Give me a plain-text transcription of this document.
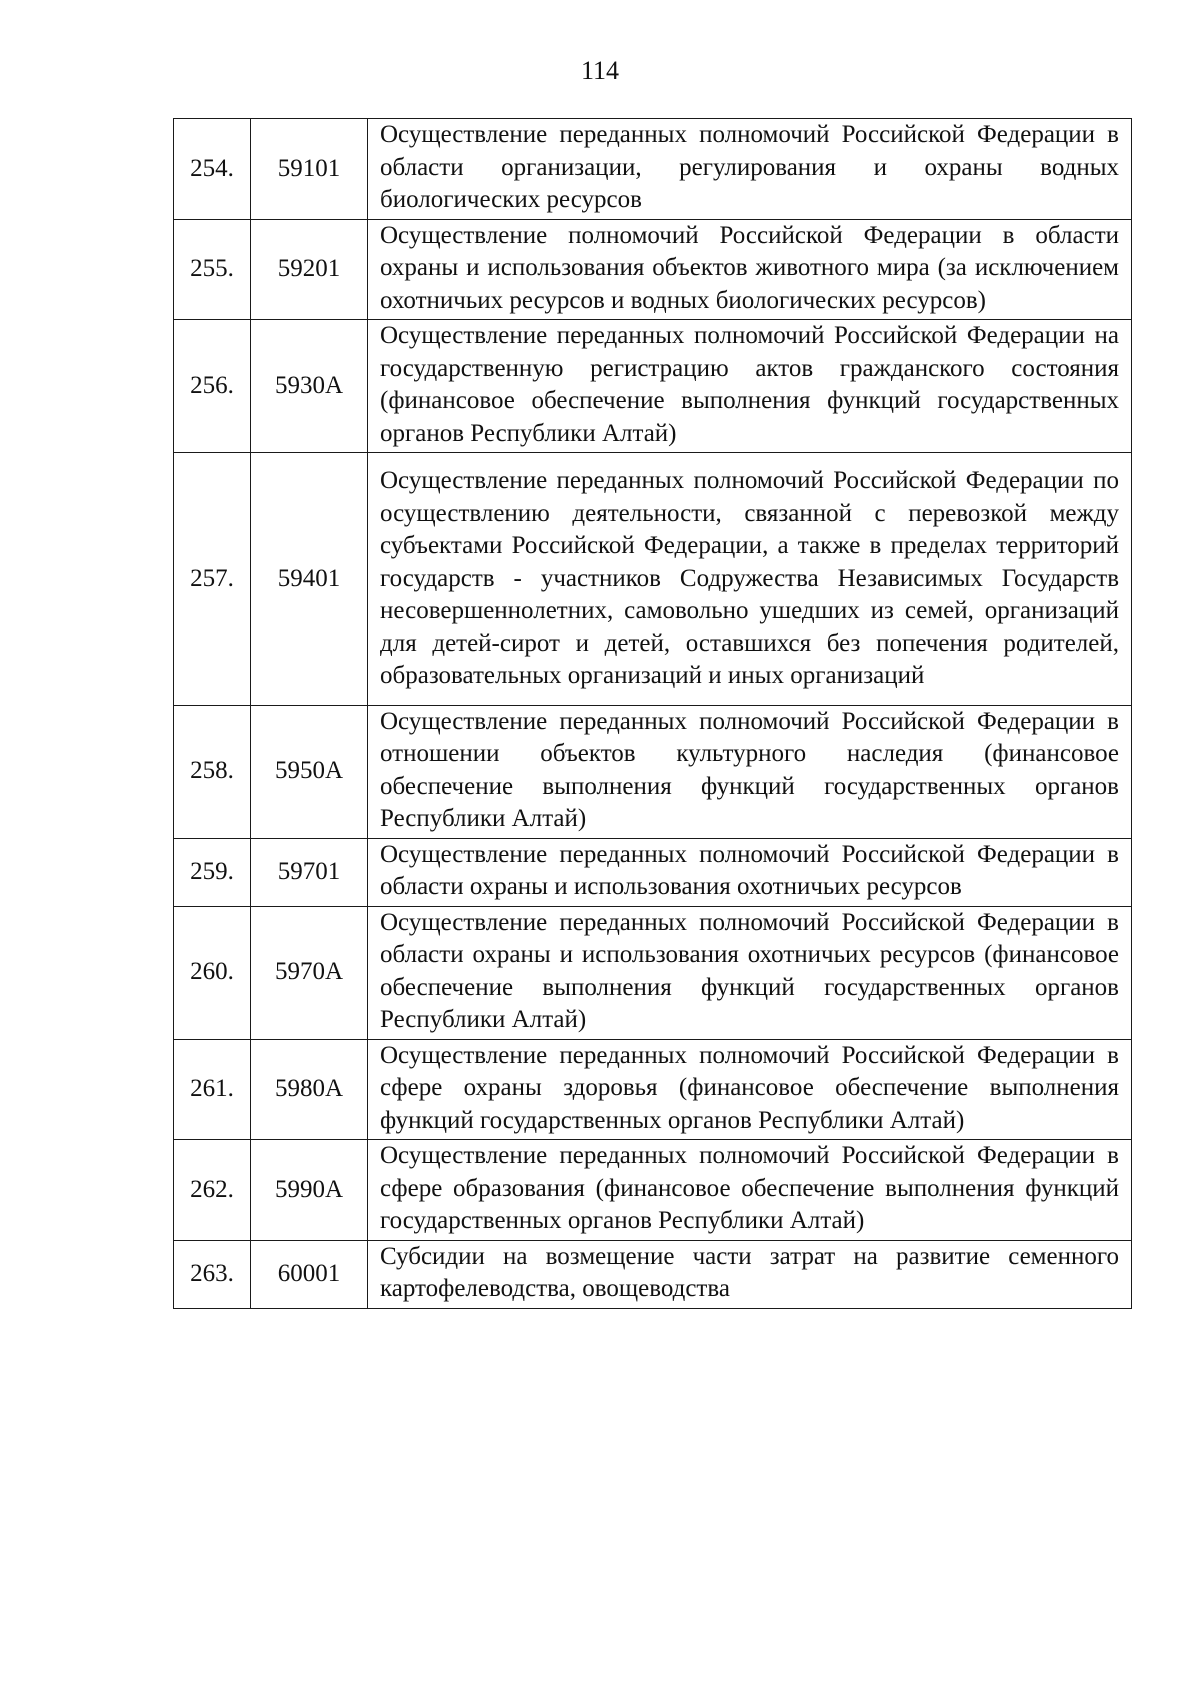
114
254.	59101	Осуществление переданных полномочий Российской Федерации в области организации, регулирования и охраны водных биологических ресурсов
255.	59201	Осуществление полномочий Российской Федерации в области охраны и использования объектов животного мира (за исключением охотничьих ресурсов и водных биологических ресурсов)
256.	5930А	Осуществление переданных полномочий Российской Федерации на государственную регистрацию актов гражданского состояния (финансовое обеспечение выполнения функций государственных органов Республики Алтай)
257.	59401	Осуществление переданных полномочий Российской Федерации по осуществлению деятельности, связанной с перевозкой между субъектами Российской Федерации, а также в пределах территорий государств - участников Содружества Независимых Государств несовершеннолетних, самовольно ушедших из семей, организаций для детей-сирот и детей, оставшихся без попечения родителей, образовательных организаций и иных организаций
258.	5950А	Осуществление переданных полномочий Российской Федерации в отношении объектов культурного наследия (финансовое обеспечение выполнения функций государственных органов Республики Алтай)
259.	59701	Осуществление переданных полномочий Российской Федерации в области охраны и использования охотничьих ресурсов
260.	5970А	Осуществление переданных полномочий Российской Федерации в области охраны и использования охотничьих ресурсов (финансовое обеспечение выполнения функций государственных органов Республики Алтай)
261.	5980А	Осуществление переданных полномочий Российской Федерации в сфере охраны здоровья (финансовое обеспечение выполнения функций государственных органов Республики Алтай)
262.	5990А	Осуществление переданных полномочий Российской Федерации в сфере образования (финансовое обеспечение выполнения функций государственных органов Республики Алтай)
263.	60001	Субсидии на возмещение части затрат на развитие семенного картофелеводства, овощеводства
